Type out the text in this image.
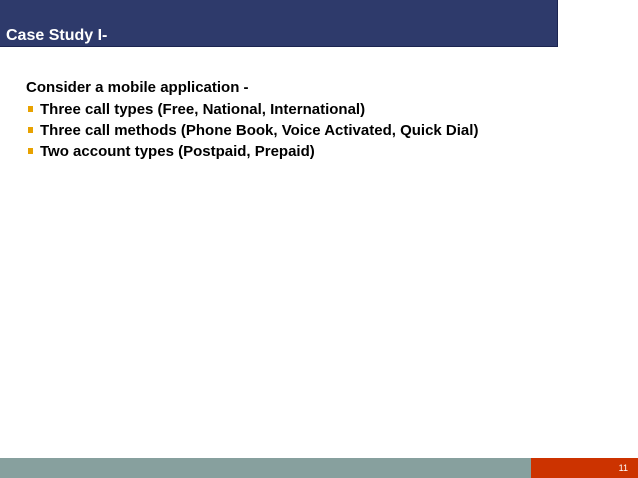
Case Study I-

Consider a mobile application -

Three call types (Free, National, International)
Three call methods (Phone Book, Voice Activated, Quick Dial)
Two account types (Postpaid, Prepaid)
11
